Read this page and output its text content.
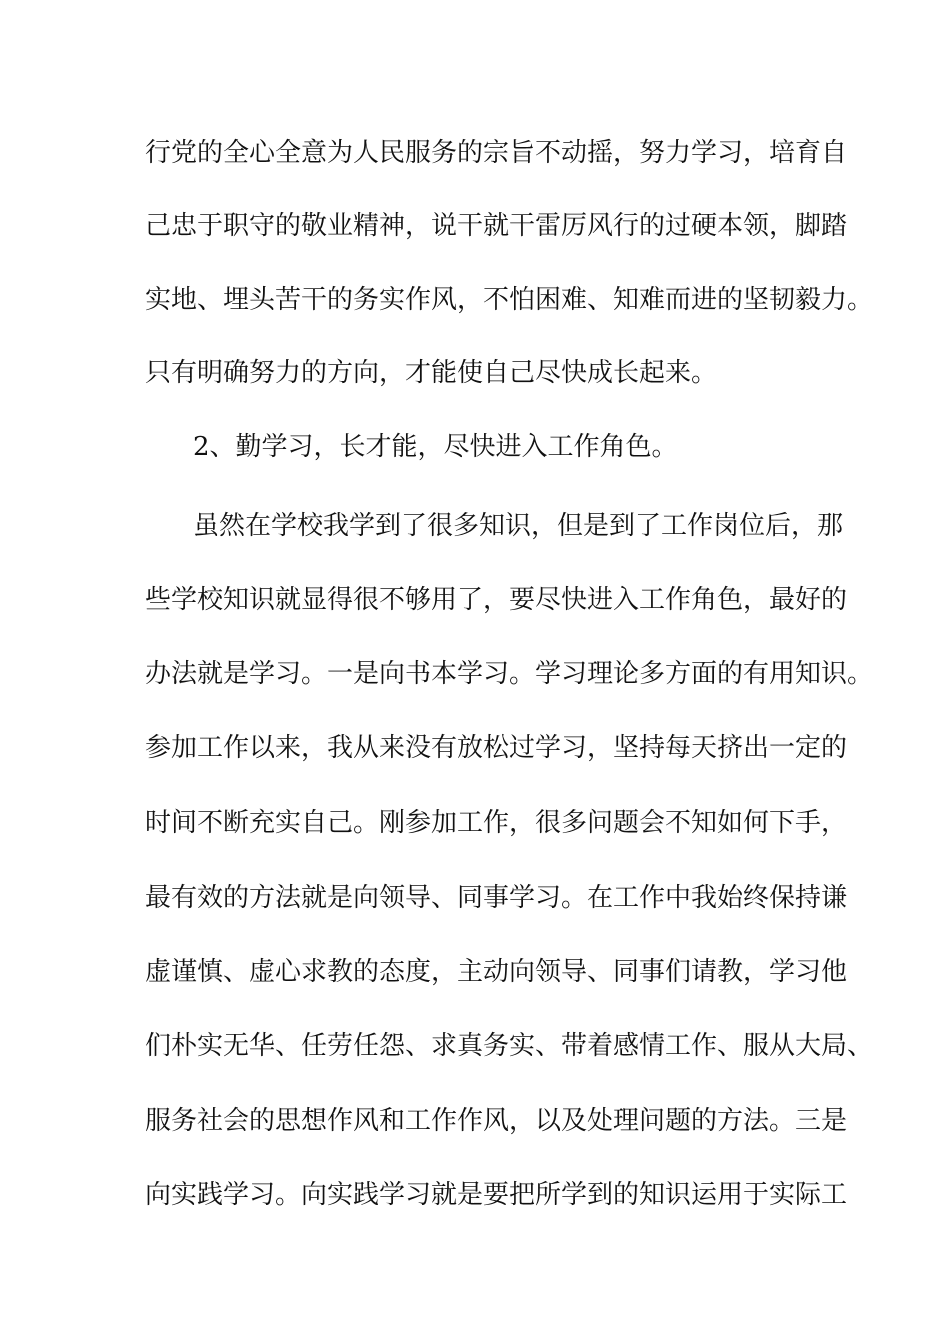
行党的全心全意为人民服务的宗旨不动摇，努力学习，培育自
己忠于职守的敬业精神，说干就干雷厉风行的过硬本领，脚踏
实地、埋头苦干的务实作风，不怕困难、知难而进的坚韧毅力。
只有明确努力的方向，才能使自己尽快成长起来。
2、勤学习，长才能，尽快进入工作角色。
虽然在学校我学到了很多知识，但是到了工作岗位后，那
些学校知识就显得很不够用了，要尽快进入工作角色，最好的
办法就是学习。一是向书本学习。学习理论多方面的有用知识。
参加工作以来，我从来没有放松过学习，坚持每天挤出一定的
时间不断充实自己。刚参加工作，很多问题会不知如何下手，
最有效的方法就是向领导、同事学习。在工作中我始终保持谦
虚谨慎、虚心求教的态度，主动向领导、同事们请教，学习他
们朴实无华、任劳任怨、求真务实、带着感情工作、服从大局、
服务社会的思想作风和工作作风，以及处理问题的方法。三是
向实践学习。向实践学习就是要把所学到的知识运用于实际工
